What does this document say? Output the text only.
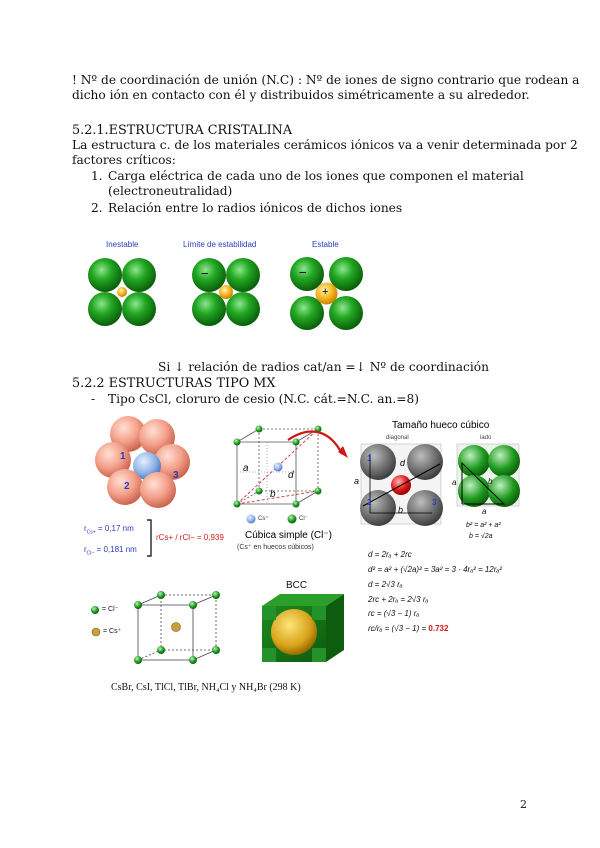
! Nº de coordinación de unión (N.C) : Nº de iones de signo contrario que rodean a
dicho ión en contacto con él y distribuidos simétricamente a su alrededor.
5.2.1.ESTRUCTURA CRISTALINA
La estructura c. de los materiales cerámicos iónicos va a venir determinada por 2
factores críticos:
1. Carga eléctrica de cada uno de los iones que componen el material
(electroneutralidad)
2. Relación entre lo radios iónicos de dichos iones
Inestable	Límite de estabilidad	Estable
−	−
+
Si ↓ relación de radios cat/an =↓ Nº de coordinación
5.2.2 ESTRUCTURAS TIPO MX
- Tipo CsCl, cloruro de cesio (N.C. cát.=N.C. an.=8)
1
2
3
$r_{Cs+} = 0,17$ nm
$r_{Cl-} = 0,181$ nm
rCs+ / rCl− = 0,939
a
b
d
Cs⁺	Cl⁻
Cúbica simple (Cl⁻)
(Cs⁺ en huecos cúbicos)
Tamaño hueco cúbico
diagonal	lado
a
b
d
1
2	3
a
a
b
b² = a² + a²
b = √2a
d = 2rₐ + 2rc
d² = a² + (√2a)² = 3a² = 3 · 4rₐ² = 12rₐ²
d = 2√3 rₐ
2rc + 2rₐ = 2√3 rₐ
rc = (√3 − 1) rₐ
rc/rₐ = (√3 − 1) = 0.732
= Cl⁻
= Cs⁺
BCC
CsBr, CsI, TlCl, TlBr, NH₄Cl y NH₄Br (298 K)
2
